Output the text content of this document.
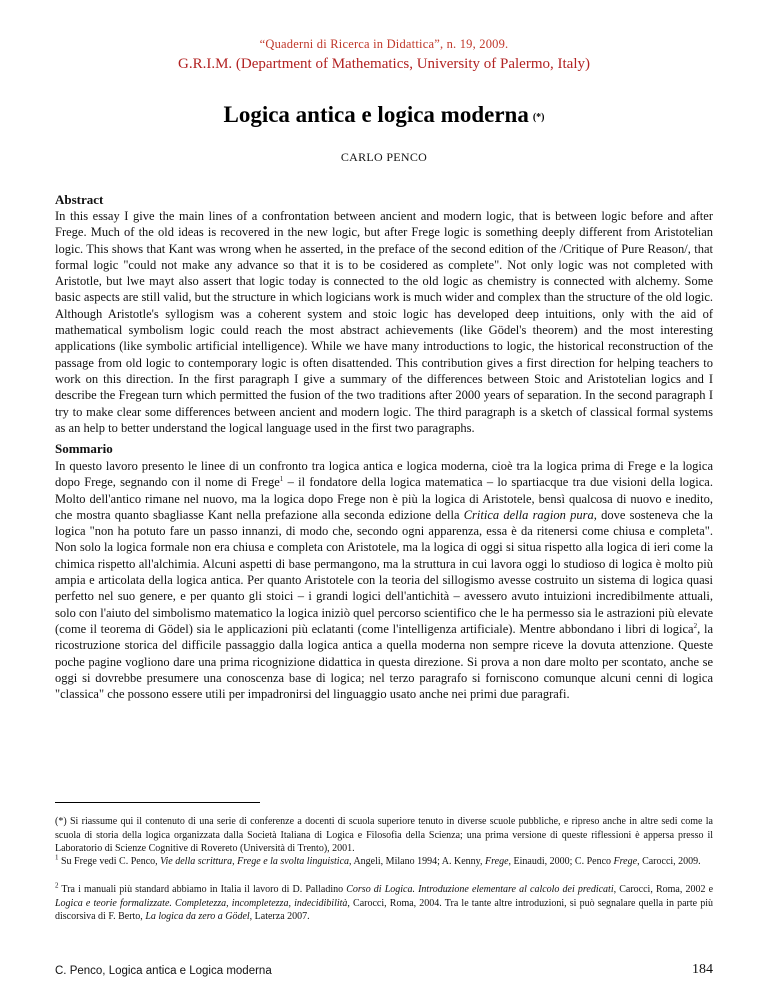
“Quaderni di Ricerca in Didattica”, n. 19, 2009.
G.R.I.M. (Department of Mathematics, University of Palermo, Italy)
Logica antica e logica moderna (*)
CARLO PENCO
Abstract
In this essay I give the main lines of a confrontation between ancient and modern logic, that is between logic before and after Frege. Much of the old ideas is recovered in the new logic, but after Frege logic is something deeply different from Aristotelian logic. This shows that Kant was wrong when he asserted, in the preface of the second edition of the /Critique of Pure Reason/, that formal logic "could not make any advance so that it is to be cosidered as complete". Not only logic was not completed with Aristotle, but lwe mayt also assert that logic today is connected to the old logic as chemistry is connected with alchemy. Some basic aspects are still valid, but the structure in which logicians work is much wider and complex than the structure of the old logic. Although Aristotle's syllogism was a coherent system and stoic logic has developed deep intuitions, only with the aid of mathematical symbolism logic could reach the most abstract achievements (like Gödel's theorem) and the most interesting applications (like symbolic artificial intelligence). While we have many introductions to logic, the historical reconstruction of the passage from old logic to contemporary logic is often disattended. This contribution gives a first direction for helping teachers to work on this direction. In the first paragraph I give a summary of the differences between Stoic and Aristotelian logics and I describe the Fregean turn which permitted the fusion of the two traditions after 2000 years of separation. In the second paragraph I try to make clear some differences between ancient and modern logic. The third paragraph is a sketch of classical formal systems as an help to better understand the logical language used in the first two paragraphs.
Sommario
In questo lavoro presento le linee di un confronto tra logica antica e logica moderna, cioè tra la logica prima di Frege e la logica dopo Frege, segnando con il nome di Frege$^1$ – il fondatore della logica matematica – lo spartiacque tra due visioni della logica. Molto dell'antico rimane nel nuovo, ma la logica dopo Frege non è più la logica di Aristotele, bensì qualcosa di nuovo e inedito, che mostra quanto sbagliasse Kant nella prefazione alla seconda edizione della Critica della ragion pura, dove sosteneva che la logica "non ha potuto fare un passo innanzi, di modo che, secondo ogni apparenza, essa è da ritenersi come chiusa e completa". Non solo la logica formale non era chiusa e completa con Aristotele, ma la logica di oggi si situa rispetto alla logica di ieri come la chimica rispetto all'alchimia. Alcuni aspetti di base permangono, ma la struttura in cui lavora oggi lo studioso di logica è molto più ampia e articolata della logica antica. Per quanto Aristotele con la teoria del sillogismo avesse costruito un sistema di logica quasi perfetto nel suo genere, e per quanto gli stoici – i grandi logici dell'antichità – avessero avuto intuizioni incredibilmente attuali, solo con l'aiuto del simbolismo matematico la logica iniziò quel percorso scientifico che le ha permesso sia le astrazioni più elevate (come il teorema di Gödel) sia le applicazioni più eclatanti (come l'intelligenza artificiale). Mentre abbondano i libri di logica$^2$, la ricostruzione storica del difficile passaggio dalla logica antica a quella moderna non sempre riceve la dovuta attenzione. Queste poche pagine vogliono dare una prima ricognizione didattica in questa direzione. Si prova a non dare molto per scontato, anche se oggi si dovrebbe presumere una conoscenza base di logica; nel terzo paragrafo si forniscono comunque alcuni cenni di logica "classica" che possono essere utili per impadronirsi del linguaggio usato anche nei primi due paragrafi.
(*) Si riassume qui il contenuto di una serie di conferenze a docenti di scuola superiore tenuto in diverse scuole pubbliche, e ripreso anche in altre sedi come la scuola di storia della logica organizzata dalla Società Italiana di Logica e Filosofia della Scienza; una prima versione di queste riflessioni è appersa presso il Laboratorio di Scienze Cognitive di Rovereto (Università di Trento), 2001.
$^1$ Su Frege vedi C. Penco, Vie della scrittura, Frege e la svolta linguistica, Angeli, Milano 1994; A. Kenny, Frege, Einaudi, 2000; C. Penco Frege, Carocci, 2009.
$^2$ Tra i manuali più standard abbiamo in Italia il lavoro di D. Palladino Corso di Logica. Introduzione elementare al calcolo dei predicati, Carocci, Roma, 2002 e Logica e teorie formalizzate. Completezza, incompletezza, indecidibilità, Carocci, Roma, 2004. Tra le tante altre introduzioni, si può segnalare quella in parte più discorsiva di F. Berto, La logica da zero a Gödel, Laterza 2007.
C. Penco, Logica antica e Logica moderna	184
